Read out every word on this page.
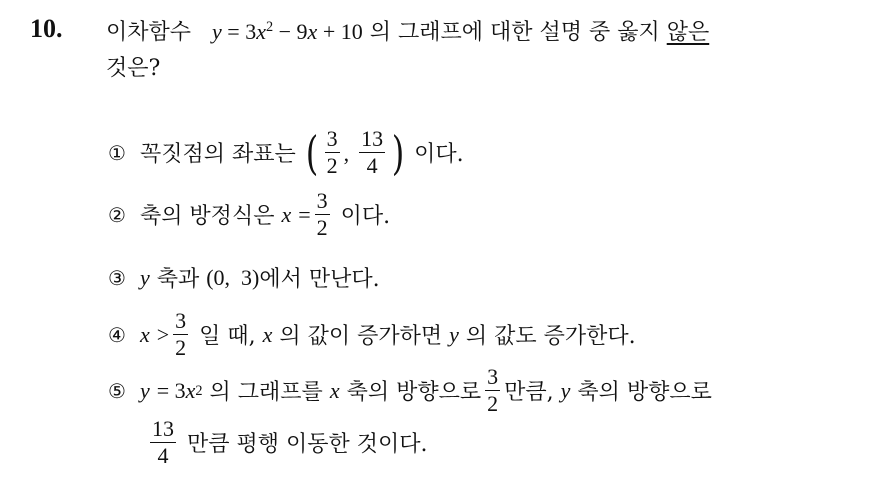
10. 이차함수 $y = 3x^2 - 9x + 10$ 의 그래프에 대한 설명 중 옳지 않은
것은?
① 꼭짓점의 좌표는 ( $\frac{3}{2}$ , $\frac{13}{4}$ ) 이다.
② 축의 방정식은 $x = \frac{3}{2}$ 이다.
③ y 축과 (0,  3) 에서 만난다.
④ $x > \frac{3}{2}$ 일 때, x 의 값이 증가하면 y 의 값도 증가한다.
⑤ y = 3 x 2 의 그래프를 x 축의 방향으로 $\frac{3}{2}$ 만큼, y 축의 방향으로
$\frac{13}{4}$ 만큼 평행 이동한 것이다.
